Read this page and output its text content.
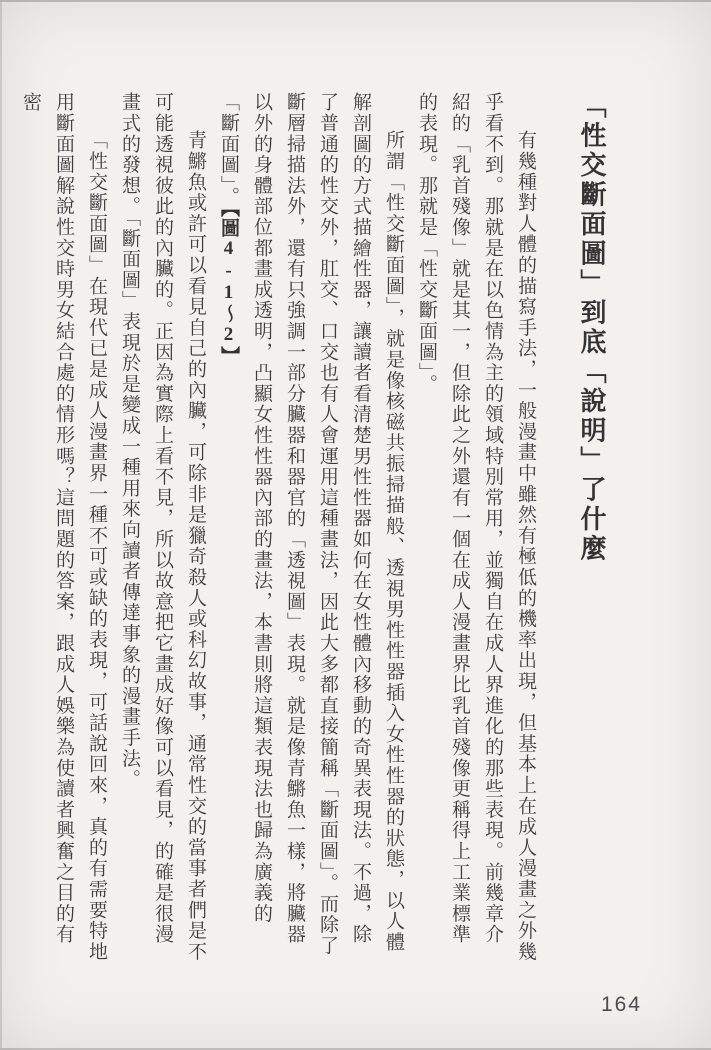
「性交斷面圖」到底「說明」了什麼

有幾種對人體的描寫手法，一般漫畫中雖然有極低的機率出現，但基本上在成人漫畫之外幾乎看不到。那就是在以色情為主的領域特別常用，並獨自在成人界進化的那些表現。前幾章介紹的「乳首殘像」就是其一，但除此之外還有一個在成人漫畫界比乳首殘像更稱得上工業標準的表現。那就是「性交斷面圖」。

所謂「性交斷面圖」，就是像核磁共振掃描般、透視男性性器插入女性性器的狀態，以人體解剖圖的方式描繪性器，讓讀者看清楚男性性器如何在女性體內移動的奇異表現法。不過，除了普通的性交外，肛交、口交也有人會運用這種畫法，因此大多都直接簡稱「斷面圖」。而除了斷層掃描法外，還有只強調一部分臟器和器官的「透視圖」表現。就是像青鱂魚一樣，將臟器以外的身體部位都畫成透明，凸顯女性性器內部的畫法，本書則將這類表現法也歸為廣義的「斷面圖」。【圖4-1～2】

青鱂魚或許可以看見自己的內臟，可除非是獵奇殺人或科幻故事，通常性交的當事者們是不可能透視彼此的內臟的。正因為實際上看不見，所以故意把它畫成好像可以看見，的確是很漫畫式的發想。「斷面圖」表現於是變成一種用來向讀者傳達事象的漫畫手法。

「性交斷面圖」在現代已是成人漫畫界一種不可或缺的表現，可話說回來，真的有需要特地用斷面圖解說性交時男女結合處的情形嗎？這問題的答案，跟成人娛樂為使讀者興奮之目的有密

164
